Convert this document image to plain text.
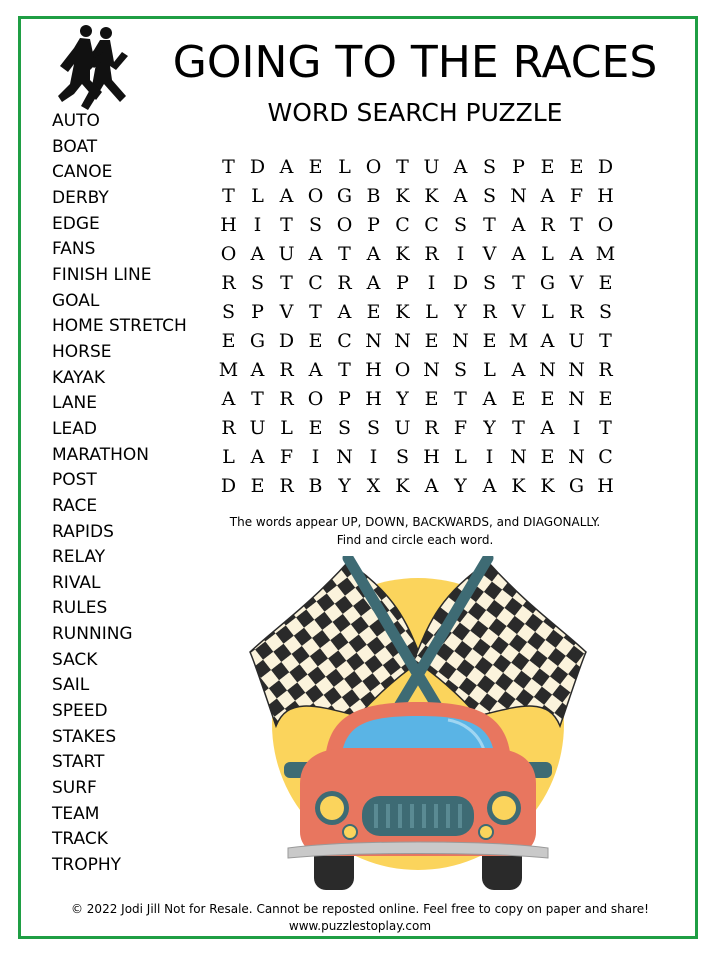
GOING TO THE RACES
WORD SEARCH PUZZLE
AUTO
BOAT
CANOE
DERBY
EDGE
FANS
FINISH LINE
GOAL
HOME STRETCH
HORSE
KAYAK
LANE
LEAD
MARATHON
POST
RACE
RAPIDS
RELAY
RIVAL
RULES
RUNNING
SACK
SAIL
SPEED
STAKES
START
SURF
TEAM
TRACK
TROPHY
T D A E L O T U A S P E E D
T L A O G B K K A S N A F H
H I T S O P C C S T A R T O
O A U A T A K R I V A L A M
R S T C R A P I D S T G V E
S P V T A E K L Y R V L R S
E G D E C N N E N E M A U T
M A R A T H O N S L A N N R
A T R O P H Y E T A E E N E
R U L E S S U R F Y T A I T
L A F I N I S H L I N E N C
D E R B Y X K A Y A K K G H
The words appear UP, DOWN, BACKWARDS, and DIAGONALLY.
Find and circle each word.
© 2022 Jodi Jill Not for Resale. Cannot be reposted online. Feel free to copy on paper and share!
www.puzzlestoplay.com
